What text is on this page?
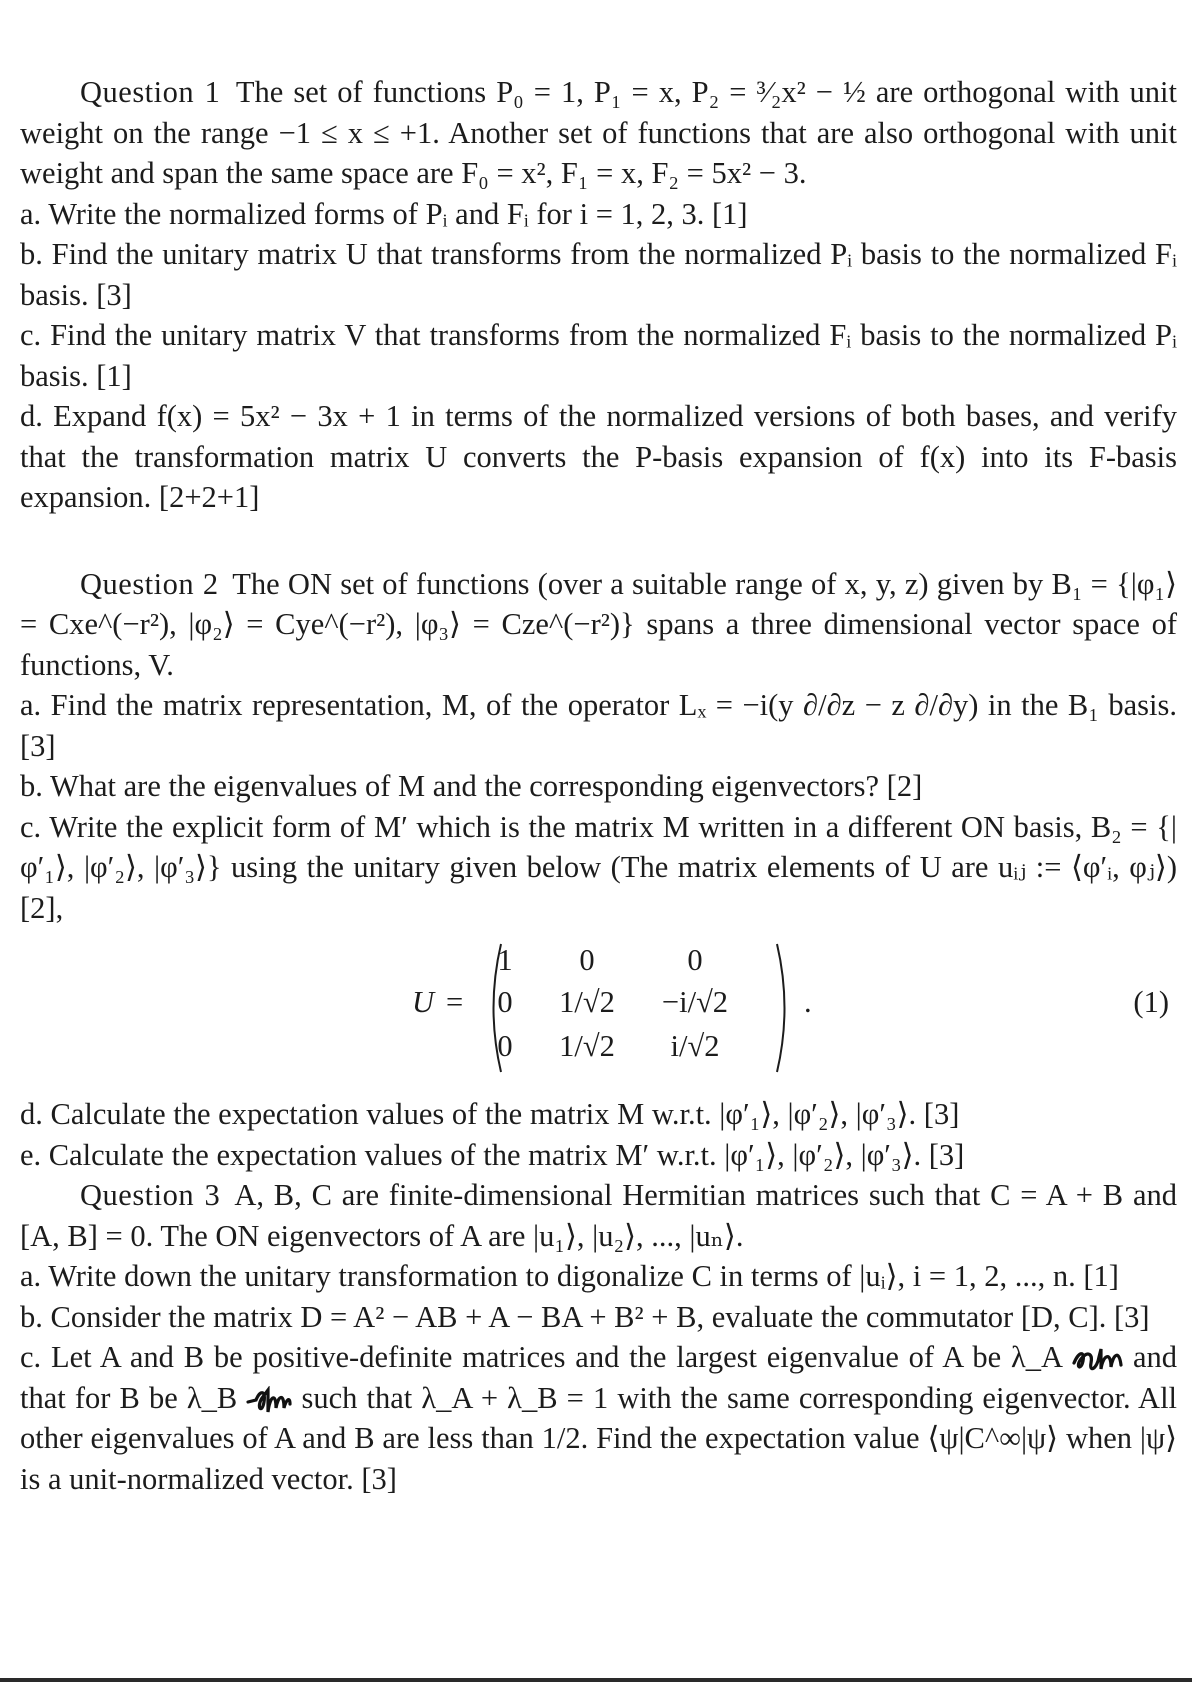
Question 1 The set of functions P₀ = 1, P₁ = x, P₂ = ³⁄₂x² − ½ are orthogonal with unit weight on the range −1 ≤ x ≤ +1. Another set of functions that are also orthogonal with unit weight and span the same space are F₀ = x², F₁ = x, F₂ = 5x² − 3.

a. Write the normalized forms of Pᵢ and Fᵢ for i = 1, 2, 3. [1]

b. Find the unitary matrix U that transforms from the normalized Pᵢ basis to the normalized Fᵢ basis. [3]

c. Find the unitary matrix V that transforms from the normalized Fᵢ basis to the normalized Pᵢ basis. [1]

d. Expand f(x) = 5x² − 3x + 1 in terms of the normalized versions of both bases, and verify that the transformation matrix U converts the P-basis expansion of f(x) into its F-basis expansion. [2+2+1]

Question 2 The ON set of functions (over a suitable range of x, y, z) given by B₁ = {|φ₁⟩ = Cxe^(−r²), |φ₂⟩ = Cye^(−r²), |φ₃⟩ = Cze^(−r²)} spans a three dimensional vector space of functions, V.

a. Find the matrix representation, M, of the operator Lₓ = −i(y ∂/∂z − z ∂/∂y) in the B₁ basis. [3]

b. What are the eigenvalues of M and the corresponding eigenvectors? [2]

c. Write the explicit form of M′ which is the matrix M written in a different ON basis, B₂ = {|φ′₁⟩, |φ′₂⟩, |φ′₃⟩} using the unitary given below (The matrix elements of U are uᵢⱼ := ⟨φ′ᵢ, φⱼ⟩) [2],

U =
1	0	0
0	1/√2	−i/√2
0	1/√2	i/√2
.	(1)

d. Calculate the expectation values of the matrix M w.r.t. |φ′₁⟩, |φ′₂⟩, |φ′₃⟩. [3]

e. Calculate the expectation values of the matrix M′ w.r.t. |φ′₁⟩, |φ′₂⟩, |φ′₃⟩. [3]

Question 3 A, B, C are finite-dimensional Hermitian matrices such that C = A + B and [A, B] = 0. The ON eigenvectors of A are |u₁⟩, |u₂⟩, ..., |uₙ⟩.

a. Write down the unitary transformation to digonalize C in terms of |uᵢ⟩, i = 1, 2, ..., n. [1]

b. Consider the matrix D = A² − AB + A − BA + B² + B, evaluate the commutator [D, C]. [3]

c. Let A and B be positive-definite matrices and the largest eigenvalue of A be λ_A and that for B be λ_B such that λ_A + λ_B = 1 with the same corresponding eigenvector. All other eigenvalues of A and B are less than 1/2. Find the expectation value ⟨ψ|C^∞|ψ⟩ when |ψ⟩ is a unit-normalized vector. [3]
